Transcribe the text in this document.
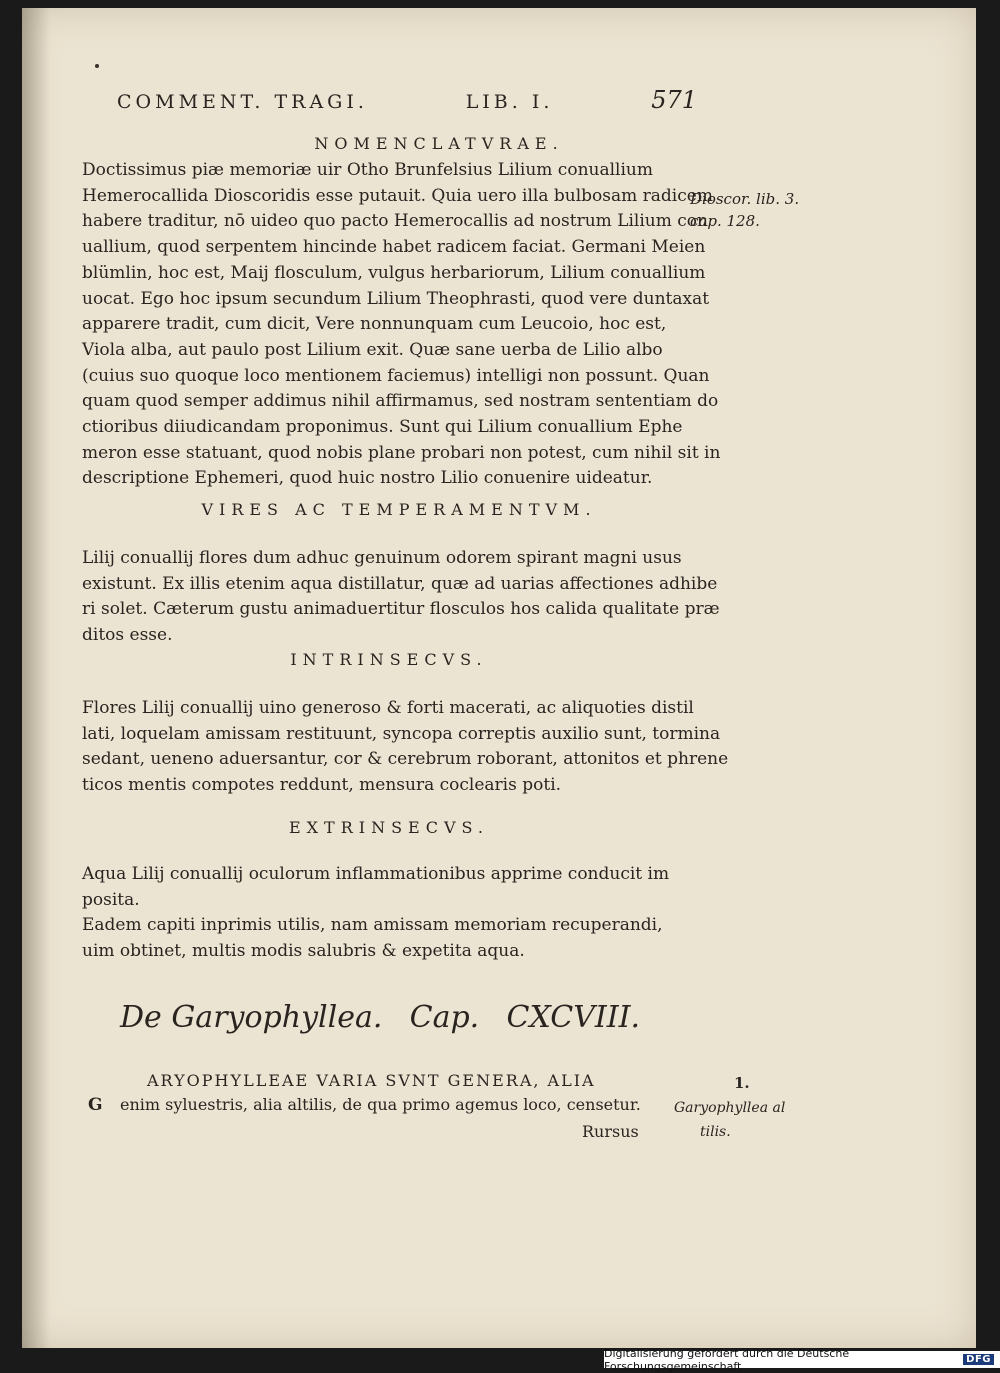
COMMENT. TRAGI.	LIB. I.	571
NOMENCLATVRAE.
Doctissimus piæ memoriæ uir Otho Brunfelsius Lilium conuallium
Hemerocallida Dioscoridis esse putauit. Quia uero illa bulbosam radicem
habere traditur, nō uideo quo pacto Hemerocallis ad nostrum Lilium con
uallium, quod serpentem hincinde habet radicem faciat. Germani Meien
blümlin, hoc est, Maij flosculum, vulgus herbariorum, Lilium conuallium
uocat. Ego hoc ipsum secundum Lilium Theophrasti, quod vere duntaxat
apparere tradit, cum dicit, Vere nonnunquam cum Leucoio, hoc est,
Viola alba, aut paulo post Lilium exit. Quæ sane uerba de Lilio albo
(cuius suo quoque loco mentionem faciemus) intelligi non possunt. Quan
quam quod semper addimus nihil affirmamus, sed nostram sententiam do
ctioribus diiudicandam proponimus. Sunt qui Lilium conuallium Ephe
meron esse statuant, quod nobis plane probari non potest, cum nihil sit in
descriptione Ephemeri, quod huic nostro Lilio conuenire uideatur.
Dioscor. lib. 3.
cap. 128.
VIRES AC TEMPERAMENTVM.
Lilij conuallij flores dum adhuc genuinum odorem spirant magni usus
existunt. Ex illis etenim aqua distillatur, quæ ad uarias affectiones adhibe
ri solet. Cæterum gustu animaduertitur flosculos hos calida qualitate præ
ditos esse.
INTRINSECVS.
Flores Lilij conuallij uino generoso & forti macerati, ac aliquoties distil
lati, loquelam amissam restituunt, syncopa correptis auxilio sunt, tormina
sedant, ueneno aduersantur, cor & cerebrum roborant, attonitos et phrene
ticos mentis compotes reddunt, mensura coclearis poti.
EXTRINSECVS.
Aqua Lilij conuallij oculorum inflammationibus apprime conducit im
posita.
Eadem capiti inprimis utilis, nam amissam memoriam recuperandi,
uim obtinet, multis modis salubris & expetita aqua.
De Garyophyllea. Cap. CXCVIII.
ARYOPHYLLEAE VARIA SVNT GENERA, ALIA
G enim syluestris, alia altilis, de qua primo agemus loco, censetur.
Rursus
1.
Garyophyllea al
tilis.
Digitalisierung gefördert durch die Deutsche Forschungsgemeinschaft	DFG
